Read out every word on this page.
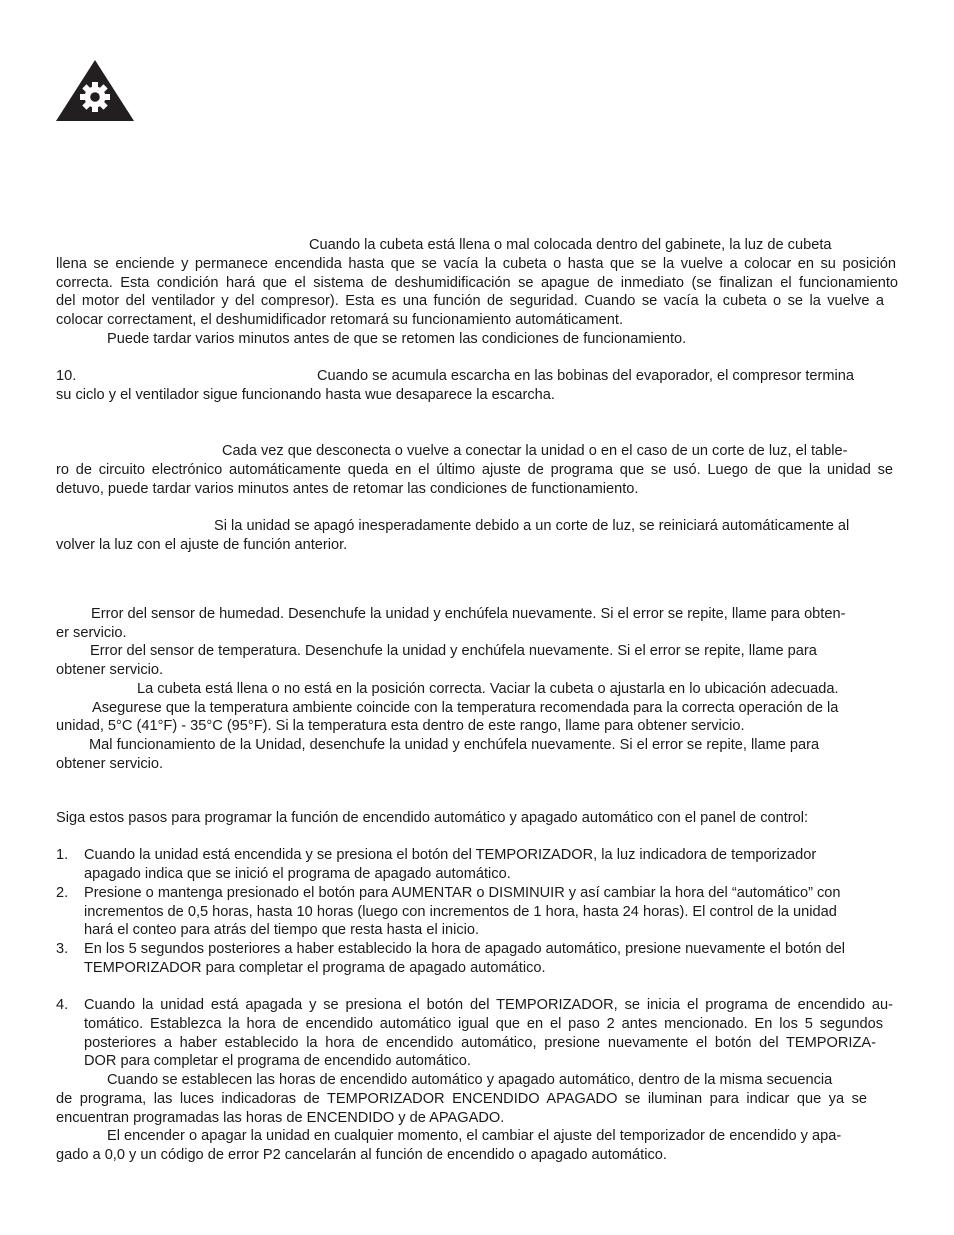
Cuando la cubeta está llena o mal colocada dentro del gabinete, la luz de cubeta
llena se enciende y permanece encendida hasta que se vacía la cubeta o hasta que se la vuelve a colocar en su posición
correcta. Esta condición hará que el sistema de deshumidificación se apague de inmediato (se finalizan el funcionamiento
del motor del ventilador y del compresor). Esta es una función de seguridad. Cuando se vacía la cubeta o se la vuelve a
colocar correctament, el deshumidificador retomará su funcionamiento automáticament.
Puede tardar varios minutos antes de que se retomen las condiciones de funcionamiento.
10.	Cuando se acumula escarcha en las bobinas del evaporador, el compresor termina
su ciclo y el ventilador sigue funcionando hasta wue desaparece la escarcha.
Cada vez que desconecta o vuelve a conectar la unidad o en el caso de un corte de luz, el table-
ro de circuito electrónico automáticamente queda en el último ajuste de programa que se usó. Luego de que la unidad se
detuvo, puede tardar varios minutos antes de retomar las condiciones de functionamiento.
Si la unidad se apagó inesperadamente debido a un corte de luz, se reiniciará automáticamente al
volver la luz con el ajuste de función anterior.
Error del sensor de humedad. Desenchufe la unidad y enchúfela nuevamente. Si el error se repite, llame para obten-
er servicio.
Error del sensor de temperatura. Desenchufe la unidad y enchúfela nuevamente. Si el error se repite, llame para
obtener servicio.
La cubeta está llena o no está en la posición correcta. Vaciar la cubeta o ajustarla en lo ubicación adecuada.
Asegurese que la temperatura ambiente coincide con la temperatura recomendada para la correcta operación de la
unidad, 5°C (41°F) - 35°C (95°F). Si la temperatura esta dentro de este rango, llame para obtener servicio.
Mal funcionamiento de la Unidad, desenchufe la unidad y enchúfela nuevamente. Si el error se repite, llame para
obtener servicio.
Siga estos pasos para programar la función de encendido automático y apagado automático con el panel de control:
1. Cuando la unidad está encendida y se presiona el botón del TEMPORIZADOR, la luz indicadora de temporizador
apagado indica que se inició el programa de apagado automático.
2. Presione o mantenga presionado el botón para AUMENTAR o DISMINUIR y así cambiar la hora del “automático” con
incrementos de 0,5 horas, hasta 10 horas (luego con incrementos de 1 hora, hasta 24 horas). El control de la unidad
hará el conteo para atrás del tiempo que resta hasta el inicio.
3. En los 5 segundos posteriores a haber establecido la hora de apagado automático, presione nuevamente el botón del
TEMPORIZADOR para completar el programa de apagado automático.
4. Cuando la unidad está apagada y se presiona el botón del TEMPORIZADOR, se inicia el programa de encendido au-
tomático. Establezca la hora de encendido automático igual que en el paso 2 antes mencionado. En los 5 segundos
posteriores a haber establecido la hora de encendido automático, presione nuevamente el botón del TEMPORIZA-
DOR para completar el programa de encendido automático.
Cuando se establecen las horas de encendido automático y apagado automático, dentro de la misma secuencia
de programa, las luces indicadoras de TEMPORIZADOR ENCENDIDO APAGADO se iluminan para indicar que ya se
encuentran programadas las horas de ENCENDIDO y de APAGADO.
El encender o apagar la unidad en cualquier momento, el cambiar el ajuste del temporizador de encendido y apa-
gado a 0,0 y un código de error P2 cancelarán al función de encendido o apagado automático.
